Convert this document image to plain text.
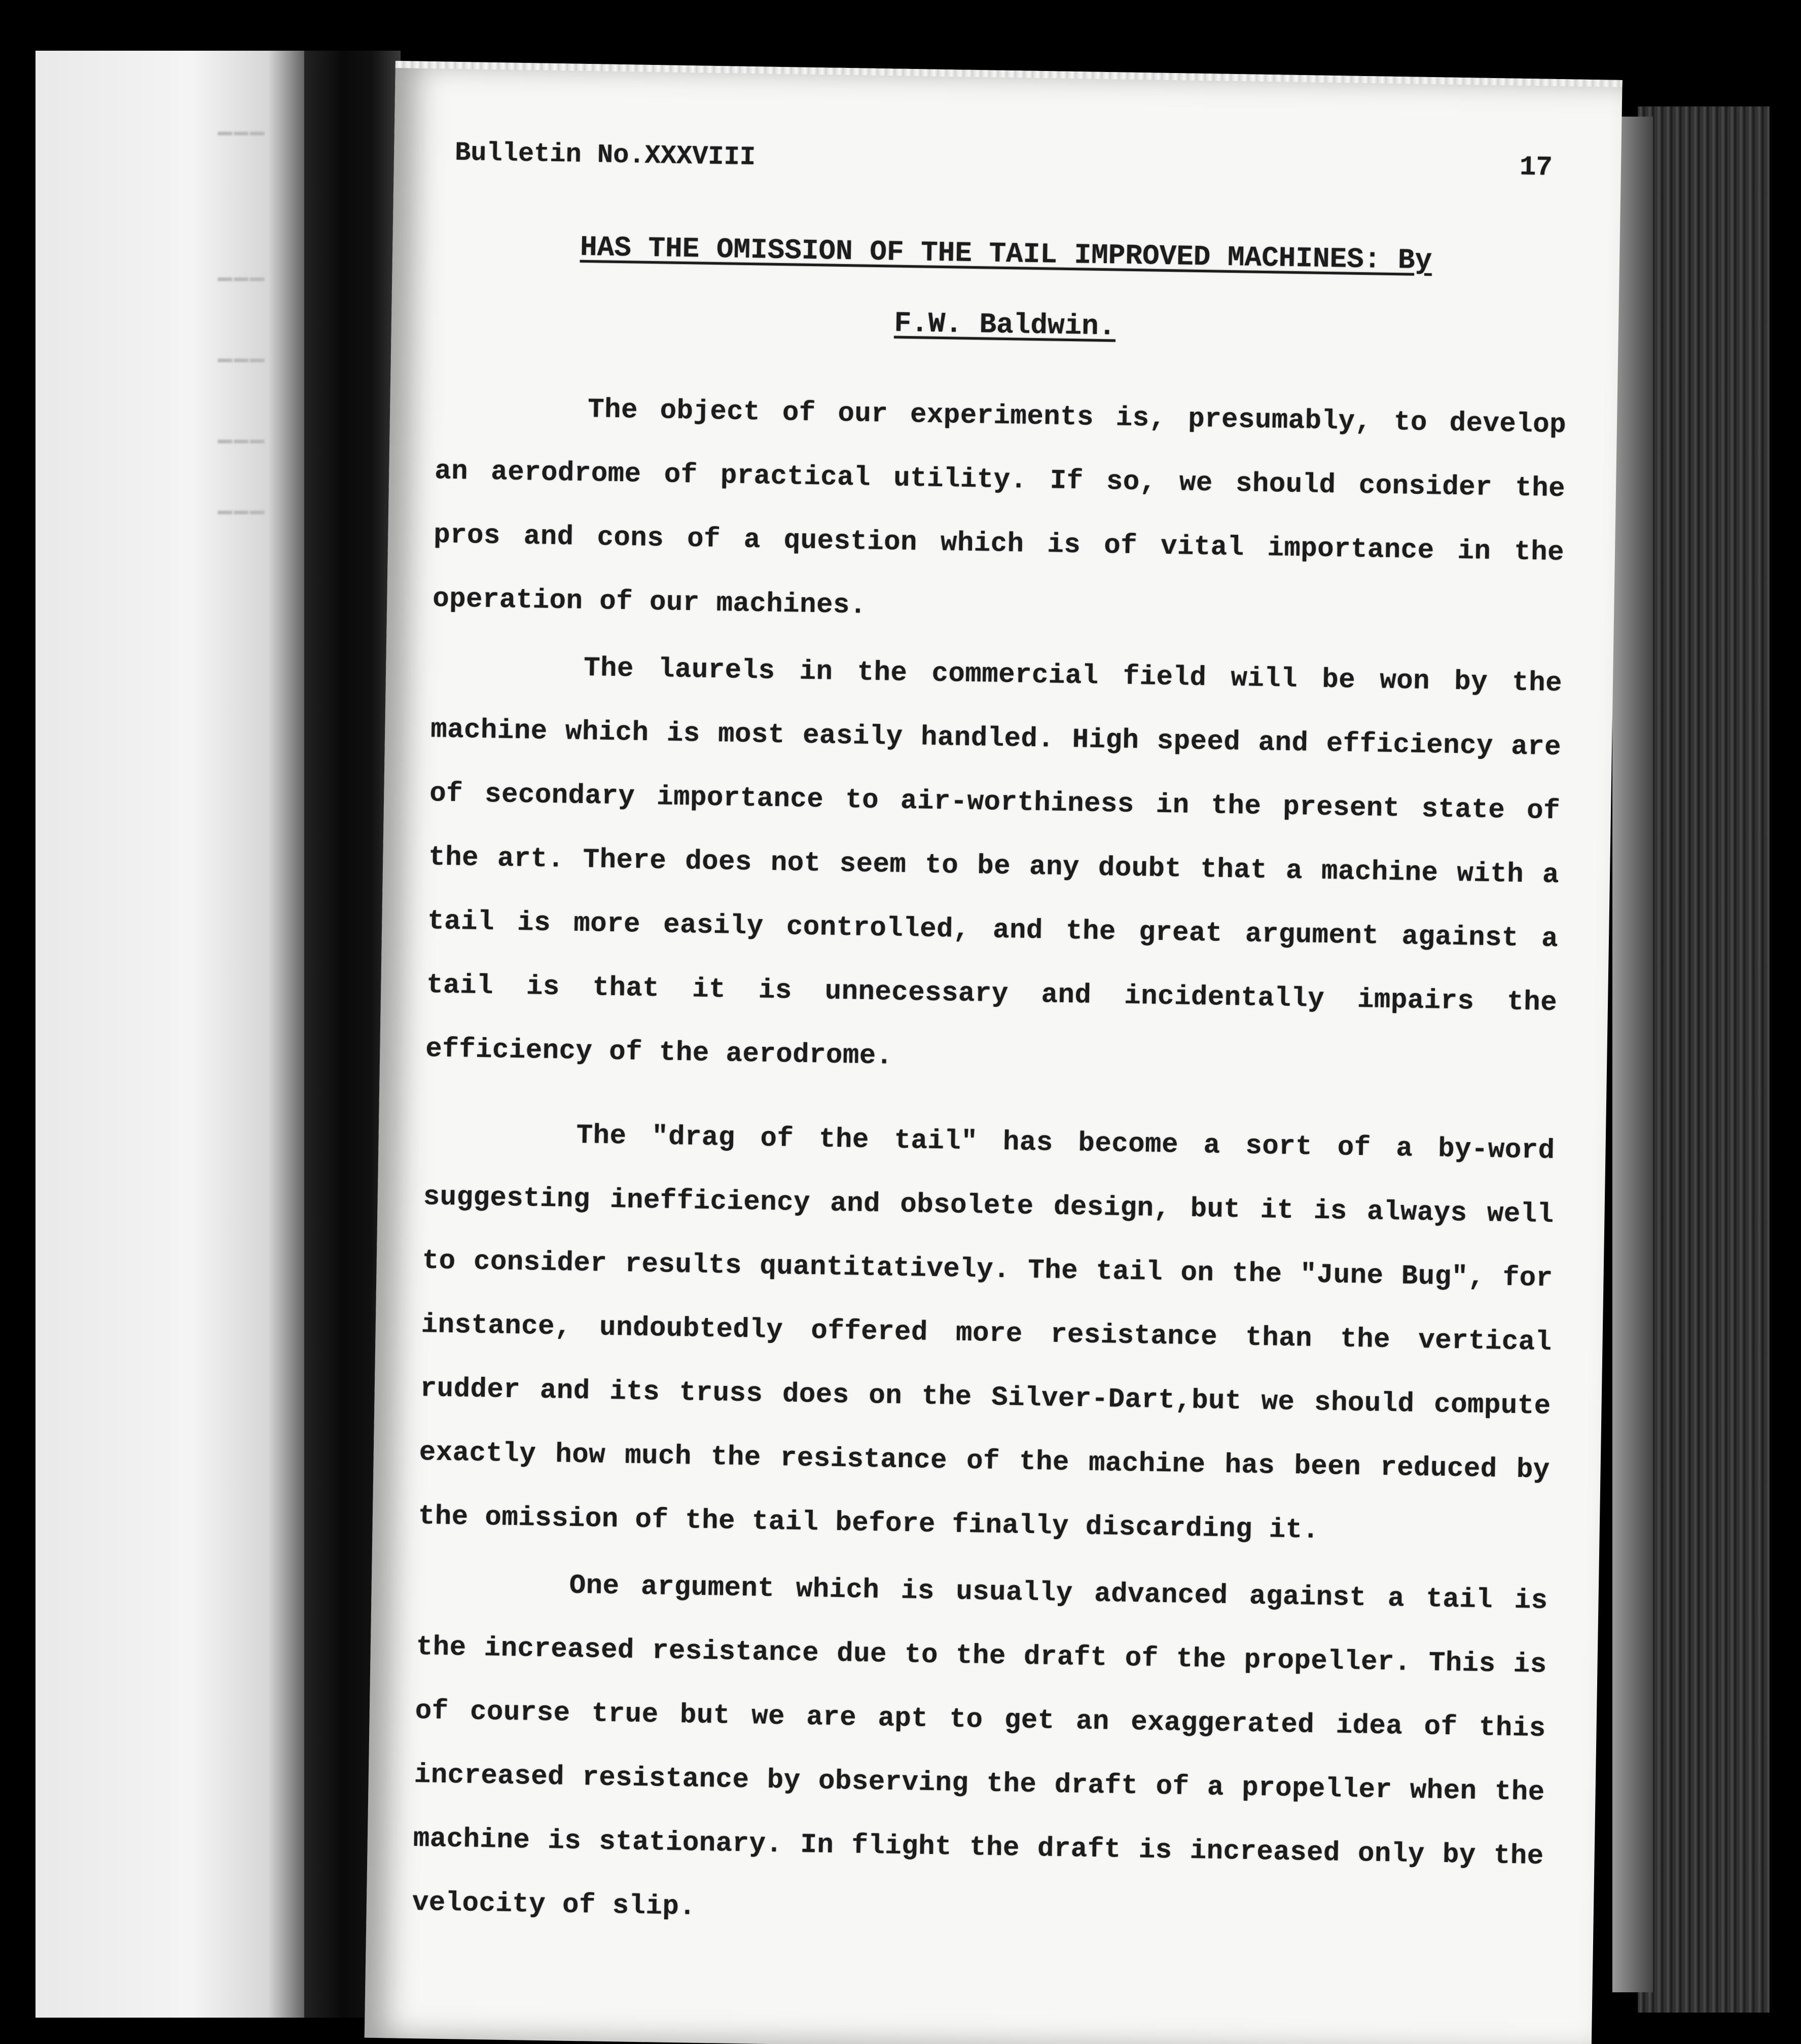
▔▔▔
▁▁▁
▁▁▁
▁▁▁
▁▁▁
Bulletin No.XXXVIII	17
HAS THE OMISSION OF THE TAIL IMPROVED MACHINES: By
F.W. Baldwin.

The object of our experiments is, presumably, to develop an aerodrome of practical utility. If so, we should consider the pros and cons of a question which is of vital importance in the operation of our machines.

The laurels in the commercial field will be won by the machine which is most easily handled. High speed and efficiency are of secondary importance to air-worthiness in the present state of the art. There does not seem to be any doubt that a machine with a tail is more easily controlled, and the great argument against a tail is that it is unnecessary and incidentally impairs the efficiency of the aerodrome.

The "drag of the tail" has become a sort of a by-word suggesting inefficiency and obsolete design, but it is always well to consider results quantitatively. The tail on the "June Bug", for instance, undoubtedly offered more resistance than the vertical rudder and its truss does on the Silver-Dart,but we should compute exactly how much the resistance of the machine has been reduced by the omission of the tail before finally discarding it.

One argument which is usually advanced against a tail is the increased resistance due to the draft of the propeller. This is of course true but we are apt to get an exaggerated idea of this increased resistance by observing the draft of a propeller when the machine is stationary. In flight the draft is increased only by the velocity of slip.
